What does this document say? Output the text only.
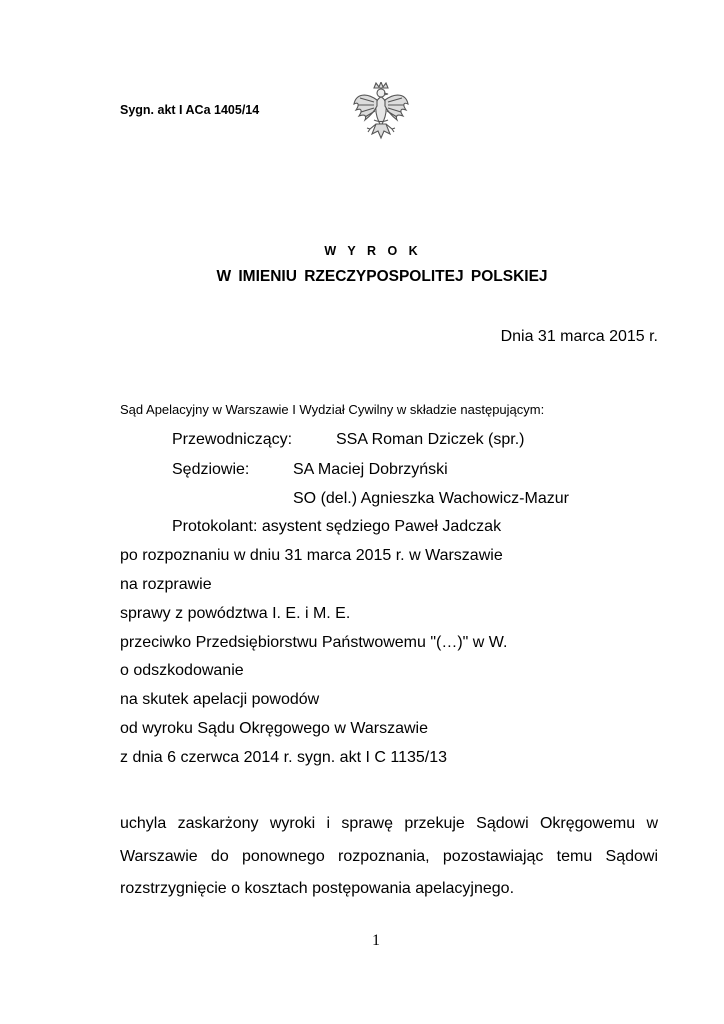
Sygn. akt I ACa 1405/14
W Y R O K
W IMIENIU RZECZYPOSPOLITEJ POLSKIEJ
Dnia 31 marca 2015 r.
Sąd Apelacyjny w Warszawie I Wydział Cywilny w składzie następującym:
Przewodniczący:	SSA Roman Dziczek (spr.)
Sędziowie:	SA Maciej Dobrzyński
SO (del.) Agnieszka Wachowicz-Mazur
Protokolant: asystent sędziego Paweł Jadczak
po rozpoznaniu w dniu 31 marca 2015 r. w Warszawie
na rozprawie
sprawy z powództwa I. E. i M. E.
przeciwko Przedsiębiorstwu Państwowemu "(…)" w W.
o odszkodowanie
na skutek apelacji powodów
od wyroku Sądu Okręgowego w Warszawie
z dnia 6 czerwca 2014 r. sygn. akt I C 1135/13
uchyla zaskarżony wyroki i sprawę przekuje Sądowi Okręgowemu w Warszawie do ponownego rozpoznania, pozostawiając temu Sądowi rozstrzygnięcie o kosztach postępowania apelacyjnego.
1
